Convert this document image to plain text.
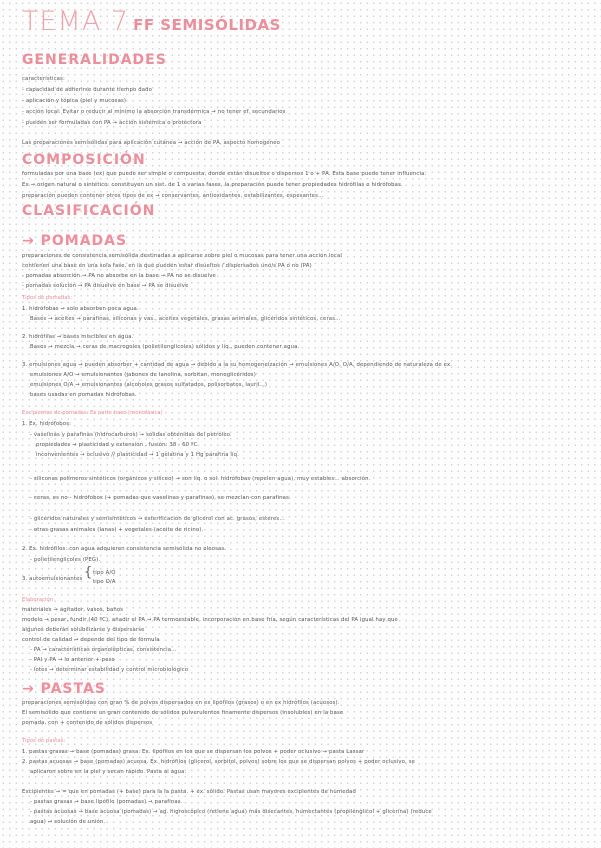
TEMA 7 FF SEMISÓLIDAS
GENERALIDADES
características:
- capacidad de adherirse durante tiempo dado
- aplicación y tópica (piel y mucosas)
- acción local: Evitar o reducir al mínimo la absorción transdérmica → no tener ef. secundarios
- pueden ser formuladas con PA → acción sistémica o protectora
Las preparaciones semisólidas para aplicación cutánea → acción de PA, aspecto homogéneo
COMPOSICIÓN
formuladas por una base (ex) que puede ser simple o compuesta, donde están disueltos o dispersos 1 o + PA. Esta base puede tener influencia.
Ex → origen natural o sintético: constituyen un sist. de 1 o varias fases, la preparación puede tener propiedades hidrófilas o hidrófobas.
preparación pueden contener otros tipos de ex → conservantes, antioxidantes, estabilizantes, espesantes...
CLASIFICACIÓN
→ POMADAS
preparaciones de consistencia semisólida destinadas a aplicarse sobre piel o mucosas para tener una acción local
contienen una base en una sola fase, en la que pueden estar disueltos / dispersados uno/s PA o no (PA)
- pomadas absorción → PA no absorbe en la base → PA no se disuelve
- pomadas solución → PA disuelve en base → PA se disuelve
Tipos de pomadas:
1. hidrófobas → solo absorben poca agua.
Bases → aceites → parafinas, siliconas y vas., aceites vegetales, grasas animales, glicéridos sintéticos, ceras...
2. hidrófilas → bases miscibles en agua.
Bases → mezcla → ceras de macrogoles (polietilenglicoles) sólidos y líq., pueden contener agua.
3. emulsiones agua → pueden absorber + cantidad de agua → debido a la su homogeneización → emulsiones A/O, O/A, dependiendo de naturaleza de ex.
emulsiones A/O → emulsionantes (jabones de lanolina, sorbitan, monoglicéridos)
emulsiones O/A → emulsionantes (alcoholes grasos sulfatados, polisorbatos, lauril...)
bases usadas en pomadas hidrófobas.
Excipientes de pomadas: Es parte base (monofásica)
1. Ex. hidrófobos:
- vaselinas y parafinas (hidrocarburos) → sólidas obtenidas del petróleo.
propiedades → plasticidad y extensión , fusión: 38 - 60 ºC
inconvenientes → oclusivo // plasticidad → 1 gelatina y 1 Hg parafina líq.
- siliconas polímeros sintéticos (orgánicos y silíceo) → son líq. o sol. hidrófobas (repelen agua), muy estables... absorción.
- ceras, es no - hidrófobos (+ pomadas que vaselinas y parafinas), se mezclan con parafinas.
- glicéridos naturales y semisintéticos → esterificación de glicerol con ac. grasos, esteres...
- otras grasas animales (lanas) + vegetales (aceite de ricino).
2. Ex. hidrófilos: con agua adquieren consistencia semisólida no oleosas.
- polietilenglicoles (PEG).
3. autoemulsionantes { tipo A/O
tipo O/A
Elaboración
materiales → agitador, vasos, baños
modelo → pesar, fundir (40 ºC), añadir el PA → PA termoestable, incorporación en base fría, según características del PA igual hay que
algunos deberán solubilizarse y dispersarse
control de calidad → depende del tipo de fórmula
- PA → características organolépticas, consistencia...
- PAI y PA → lo anterior + peso
- lotes → determinar estabilidad y control microbiológico
→ PASTAS
preparaciones semisólidas con gran % de polvos dispersados en ex lipófilos (grasos) o en ex hidrófilos (acuosos).
El semisólido que contiene un gran contenido de sólidos pulverulentos finamente dispersos (insolubles) en la base
pomada, con + contenido de sólidos dispersos
Tipos de pastas:
1. pastas grasas → base (pomadas) grasa. Ex. lipófilos en los que se dispersan los polvos + poder oclusivo → pasta Lassar
2. pastas acuosas → base (pomadas) acuosa. Ex. hidrófilos (glicerol, sorbitol, polvos) sobre los que se dispersan polvos + poder oclusivo, se
aplicaron sobre en la piel y secan rápido. Pasta al agua.
Excipientes → = que en pomadas (+ base) para la la pasta. + ex. sólido. Pastas usan mayores excipientes de humedad
- pastas grasas → base lipófilo (pomadas) → parafinas.
- pastas acuosas → base acuosa (pomadas) → ag. higroscópico (retiene agua) más disecantes, humectantes (propilenglicol + glicerina) (reduce
agua) → solución de unión.
